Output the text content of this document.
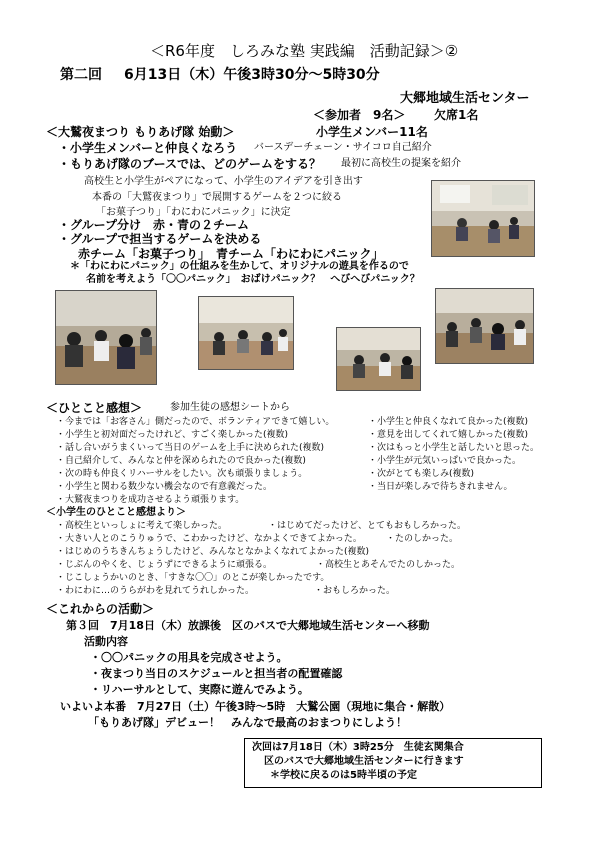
＜R6年度　しろみな塾 実践編　活動記録＞②
第二回 6月13日（木）午後3時30分～5時30分
大郷地域生活センター
＜参加者　9名＞ 欠席1名
＜大鷲夜まつり もりあげ隊 始動＞	小学生メンバー11名
・小学生メンバーと仲良くなろう バースデーチェーン・サイコロ自己紹介
・もりあげ隊のブースでは、どのゲームをする？ 最初に高校生の提案を紹介
高校生と小学生がペアになって、小学生のアイデアを引き出す
本番の「大鷲夜まつり」で展開するゲームを２つに絞る
「お菓子つり」「わにわにパニック」に決定
・グループ分け　赤・青の２チーム
・グループで担当するゲームを決める
赤チーム「お菓子つり」　青チーム「わにわにパニック」
＊「わにわにパニック」の仕組みを生かして、オリジナルの遊具を作るので
名前を考えよう「〇〇パニック」　おばけパニック？　へびへびパニック？
＜ひとこと感想＞	参加生徒の感想シートから
・今までは「お客さん」側だったので、ボランティアできて嬉しい。
・小学生と初対面だったけれど、すごく楽しかった(複数)
・話し合いがうまくいって当日のゲームを上手に決められた(複数)
・自己紹介して、みんなと仲を深められたので良かった(複数)
・次の時も仲良くリハーサルをしたい。次も頑張りましょう。
・小学生と関わる数少ない機会なので有意義だった。
・大鷲夜まつりを成功させるよう頑張ります。
・小学生と仲良くなれて良かった(複数)
・意見を出してくれて嬉しかった(複数)
・次はもっと小学生と話したいと思った。
・小学生が元気いっぱいで良かった。
・次がとても楽しみ(複数)
・当日が楽しみで待ちきれません。
＜小学生のひとこと感想より＞
・高校生といっしょに考えて楽しかった。
・大きい人とのこうりゅうで、こわかったけど、なかよくできてよかった。
・はじめのうちきんちょうしたけど、みんなとなかよくなれてよかった(複数)
・じぶんのやくを、じょうずにできるように頑張る。
・じこしょうかいのとき、「すきな〇〇」のとこが楽しかったです。
・わにわに…のうらがわを見れてうれしかった。
・はじめてだったけど、とてもおもしろかった。
・たのしかった。
・高校生とあそんでたのしかった。
・おもしろかった。
＜これからの活動＞
第３回　7月18日（木）放課後　区のバスで大郷地域生活センターへ移動
活動内容
・〇〇パニックの用具を完成させよう。
・夜まつり当日のスケジュールと担当者の配置確認
・リハーサルとして、実際に遊んでみよう。
いよいよ本番　7月27日（土）午後3時～5時　大鷲公園（現地に集合・解散）
「もりあげ隊」デビュー！　みんなで最高のおまつりにしよう！
次回は7月18日（木）3時25分　生徒玄関集合
区のバスで大郷地域生活センターに行きます
＊学校に戻るのは5時半頃の予定
